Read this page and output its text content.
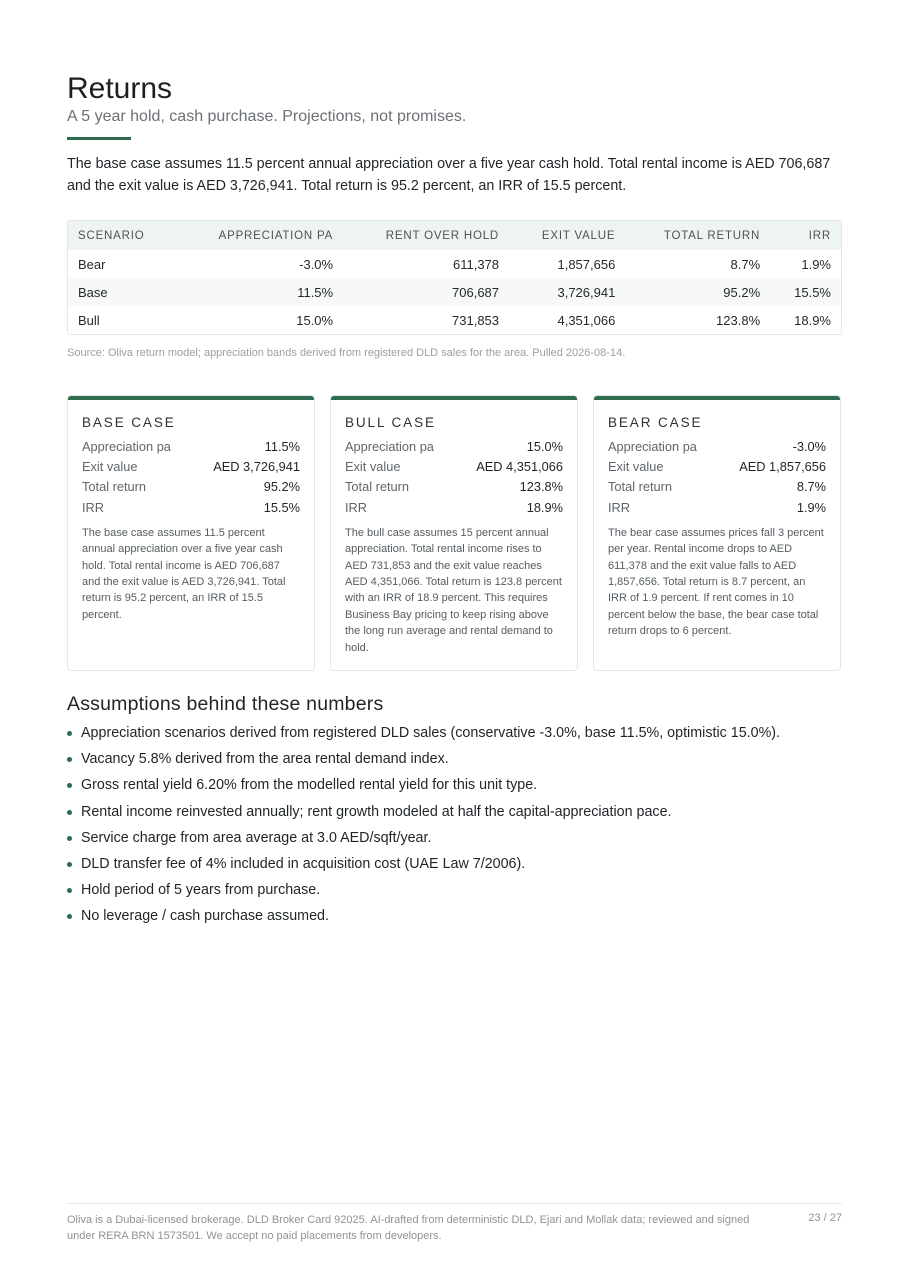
Returns
A 5 year hold, cash purchase. Projections, not promises.

The base case assumes 11.5 percent annual appreciation over a five year cash hold. Total rental income is AED 706,687 and the exit value is AED 3,726,941. Total return is 95.2 percent, an IRR of 15.5 percent.

SCENARIO	APPRECIATION PA	RENT OVER HOLD	EXIT VALUE	TOTAL RETURN	IRR
Bear	-3.0%	611,378	1,857,656	8.7%	1.9%
Base	11.5%	706,687	3,726,941	95.2%	15.5%
Bull	15.0%	731,853	4,351,066	123.8%	18.9%
Source: Oliva return model; appreciation bands derived from registered DLD sales for the area. Pulled 2026-08-14.
BASE CASE
Appreciation pa	11.5%
Exit value	AED 3,726,941
Total return	95.2%
IRR	15.5%
The base case assumes 11.5 percent annual appreciation over a five year cash hold. Total rental income is AED 706,687 and the exit value is AED 3,726,941. Total return is 95.2 percent, an IRR of 15.5 percent.
BULL CASE
Appreciation pa	15.0%
Exit value	AED 4,351,066
Total return	123.8%
IRR	18.9%
The bull case assumes 15 percent annual appreciation. Total rental income rises to AED 731,853 and the exit value reaches AED 4,351,066. Total return is 123.8 percent with an IRR of 18.9 percent. This requires Business Bay pricing to keep rising above the long run average and rental demand to hold.
BEAR CASE
Appreciation pa	-3.0%
Exit value	AED 1,857,656
Total return	8.7%
IRR	1.9%
The bear case assumes prices fall 3 percent per year. Rental income drops to AED 611,378 and the exit value falls to AED 1,857,656. Total return is 8.7 percent, an IRR of 1.9 percent. If rent comes in 10 percent below the base, the bear case total return drops to 6 percent.
Assumptions behind these numbers
Appreciation scenarios derived from registered DLD sales (conservative -3.0%, base 11.5%, optimistic 15.0%).
Vacancy 5.8% derived from the area rental demand index.
Gross rental yield 6.20% from the modelled rental yield for this unit type.
Rental income reinvested annually; rent growth modeled at half the capital-appreciation pace.
Service charge from area average at 3.0 AED/sqft/year.
DLD transfer fee of 4% included in acquisition cost (UAE Law 7/2006).
Hold period of 5 years from purchase.
No leverage / cash purchase assumed.
Oliva is a Dubai-licensed brokerage. DLD Broker Card 92025. AI-drafted from deterministic DLD, Ejari and Mollak data; reviewed and signed under RERA BRN 1573501. We accept no paid placements from developers.
23 / 27
